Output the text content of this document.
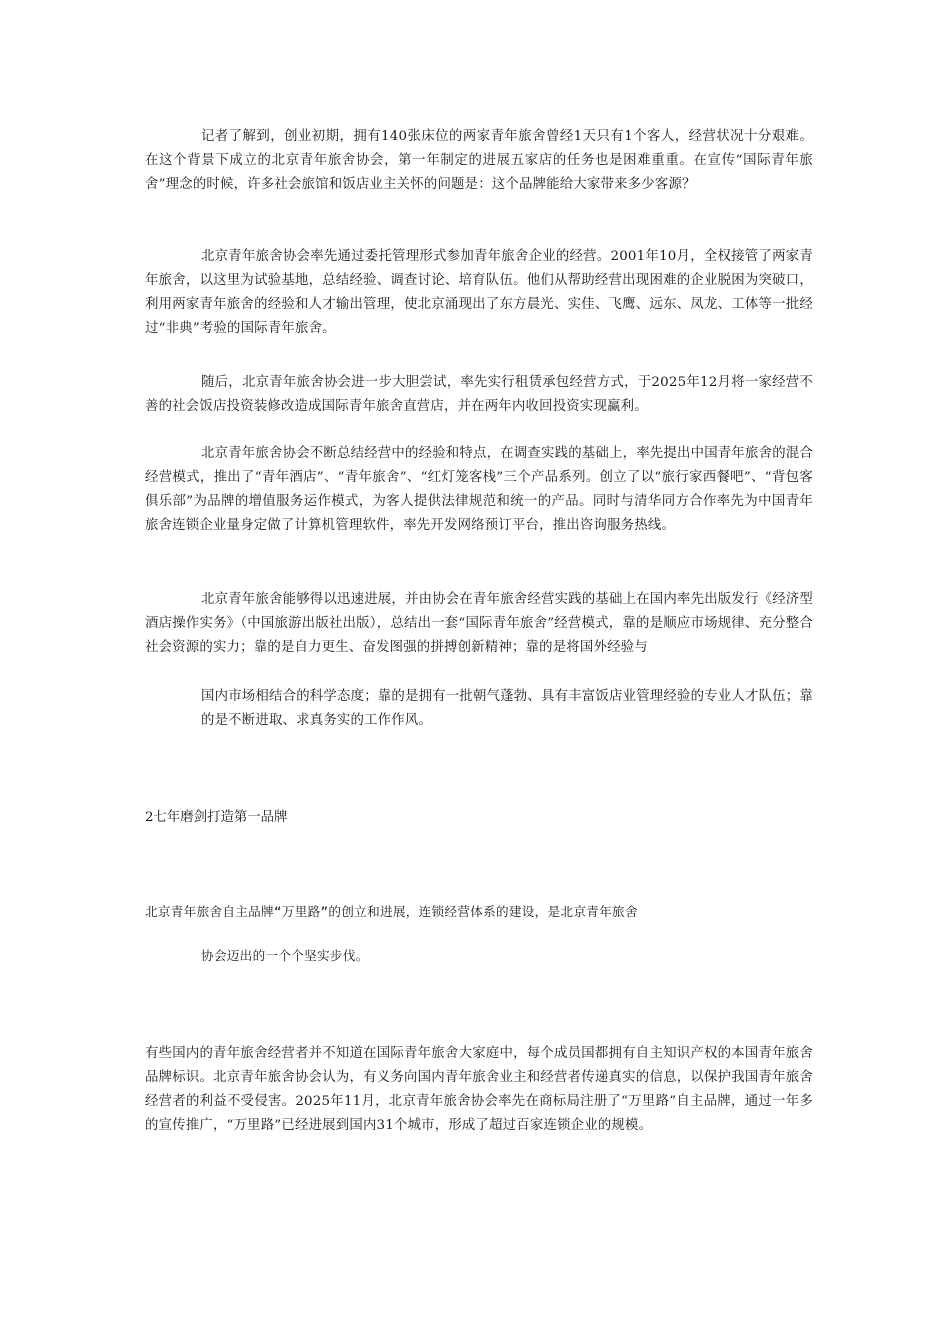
记者了解到，创业初期，拥有140张床位的两家青年旅舍曾经1天只有1个客人，经营状况十分艰难。在这个背景下成立的北京青年旅舍协会，第一年制定的进展五家店的任务也是困难重重。在宣传“国际青年旅舍”理念的时候，许多社会旅馆和饭店业主关怀的问题是：这个品牌能给大家带来多少客源？

北京青年旅舍协会率先通过委托管理形式参加青年旅舍企业的经营。2001年10月，全权接管了两家青年旅舍，以这里为试验基地，总结经验、调查讨论、培育队伍。他们从帮助经营出现困难的企业脱困为突破口，利用两家青年旅舍的经验和人才输出管理，使北京涌现出了东方晨光、实佳、飞鹰、远东、凤龙、工体等一批经过“非典”考验的国际青年旅舍。

随后，北京青年旅舍协会进一步大胆尝试，率先实行租赁承包经营方式，于2025年12月将一家经营不善的社会饭店投资装修改造成国际青年旅舍直营店，并在两年内收回投资实现赢利。

北京青年旅舍协会不断总结经营中的经验和特点，在调查实践的基础上，率先提出中国青年旅舍的混合经营模式，推出了“青年酒店”、“青年旅舍”、“红灯笼客栈”三个产品系列。创立了以“旅行家西餐吧”、“背包客俱乐部”为品牌的增值服务运作模式，为客人提供法律规范和统一的产品。同时与清华同方合作率先为中国青年旅舍连锁企业量身定做了计算机管理软件，率先开发网络预订平台，推出咨询服务热线。

北京青年旅舍能够得以迅速进展，并由协会在青年旅舍经营实践的基础上在国内率先出版发行《经济型酒店操作实务》（中国旅游出版社出版），总结出一套“国际青年旅舍”经营模式，靠的是顺应市场规律、充分整合社会资源的实力；靠的是自力更生、奋发图强的拼搏创新精神；靠的是将国外经验与

国内市场相结合的科学态度；靠的是拥有一批朝气蓬勃、具有丰富饭店业管理经验的专业人才队伍；靠的是不断进取、求真务实的工作作风。

2七年磨剑打造第一品牌

北京青年旅舍自主品牌“万里路”的创立和进展，连锁经营体系的建设，是北京青年旅舍

协会迈出的一个个坚实步伐。

有些国内的青年旅舍经营者并不知道在国际青年旅舍大家庭中，每个成员国都拥有自主知识产权的本国青年旅舍品牌标识。北京青年旅舍协会认为，有义务向国内青年旅舍业主和经营者传递真实的信息，以保护我国青年旅舍经营者的利益不受侵害。2025年11月，北京青年旅舍协会率先在商标局注册了“万里路”自主品牌，通过一年多的宣传推广，“万里路”已经进展到国内31个城市，形成了超过百家连锁企业的规模。
